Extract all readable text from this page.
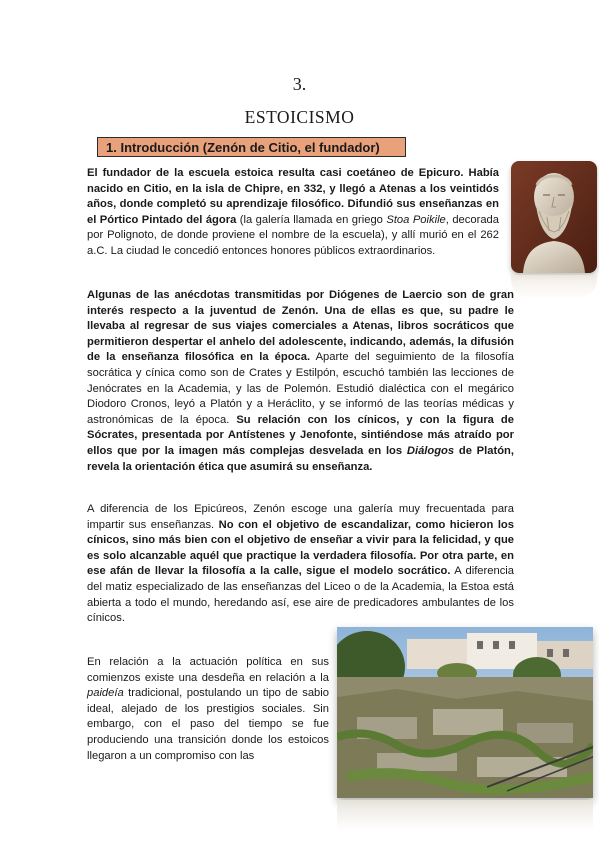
3.
ESTOICISMO
1. Introducción (Zenón de Citio, el fundador)

El fundador de la escuela estoica resulta casi coetáneo de Epicuro. Había nacido en Citio, en la isla de Chipre, en 332, y llegó a Atenas a los veintidós años, donde completó su aprendizaje filosófico. Difundió sus enseñanzas en el Pórtico Pintado del ágora (la galería llamada en griego Stoa Poikile, decorada por Polignoto, de donde proviene el nombre de la escuela), y allí murió en el 262 a.C. La ciudad le concedió entonces honores públicos extraordinarios.

Algunas de las anécdotas transmitidas por Diógenes de Laercio son de gran interés respecto a la juventud de Zenón. Una de ellas es que, su padre le llevaba al regresar de sus viajes comerciales a Atenas, libros socráticos que permitieron despertar el anhelo del adolescente, indicando, además, la difusión de la enseñanza filosófica en la época. Aparte del seguimiento de la filosofía socrática y cínica como son de Crates y Estilpón, escuchó también las lecciones de Jenócrates en la Academia, y las de Polemón. Estudió dialéctica con el megárico Diodoro Cronos, leyó a Platón y a Heráclito, y se informó de las teorías médicas y astronómicas de la época. Su relación con los cínicos, y con la figura de Sócrates, presentada por Antístenes y Jenofonte, sintiéndose más atraído por ellos que por la imagen más complejas desvelada en los Diálogos de Platón, revela la orientación ética que asumirá su enseñanza.

A diferencia de los Epicúreos, Zenón escoge una galería muy frecuentada para impartir sus enseñanzas. No con el objetivo de escandalizar, como hicieron los cínicos, sino más bien con el objetivo de enseñar a vivir para la felicidad, y que es solo alcanzable aquél que practique la verdadera filosofía. Por otra parte, en ese afán de llevar la filosofía a la calle, sigue el modelo socrático. A diferencia del matiz especializado de las enseñanzas del Liceo o de la Academia, la Estoa está abierta a todo el mundo, heredando así, ese aire de predicadores ambulantes de los cínicos.

En relación a la actuación política en sus comienzos existe una desdeña en relación a la paideía tradicional, postulando un tipo de sabio ideal, alejado de los prestigios sociales. Sin embargo, con el paso del tiempo se fue produciendo una transición donde los estoicos llegaron a un compromiso con las
